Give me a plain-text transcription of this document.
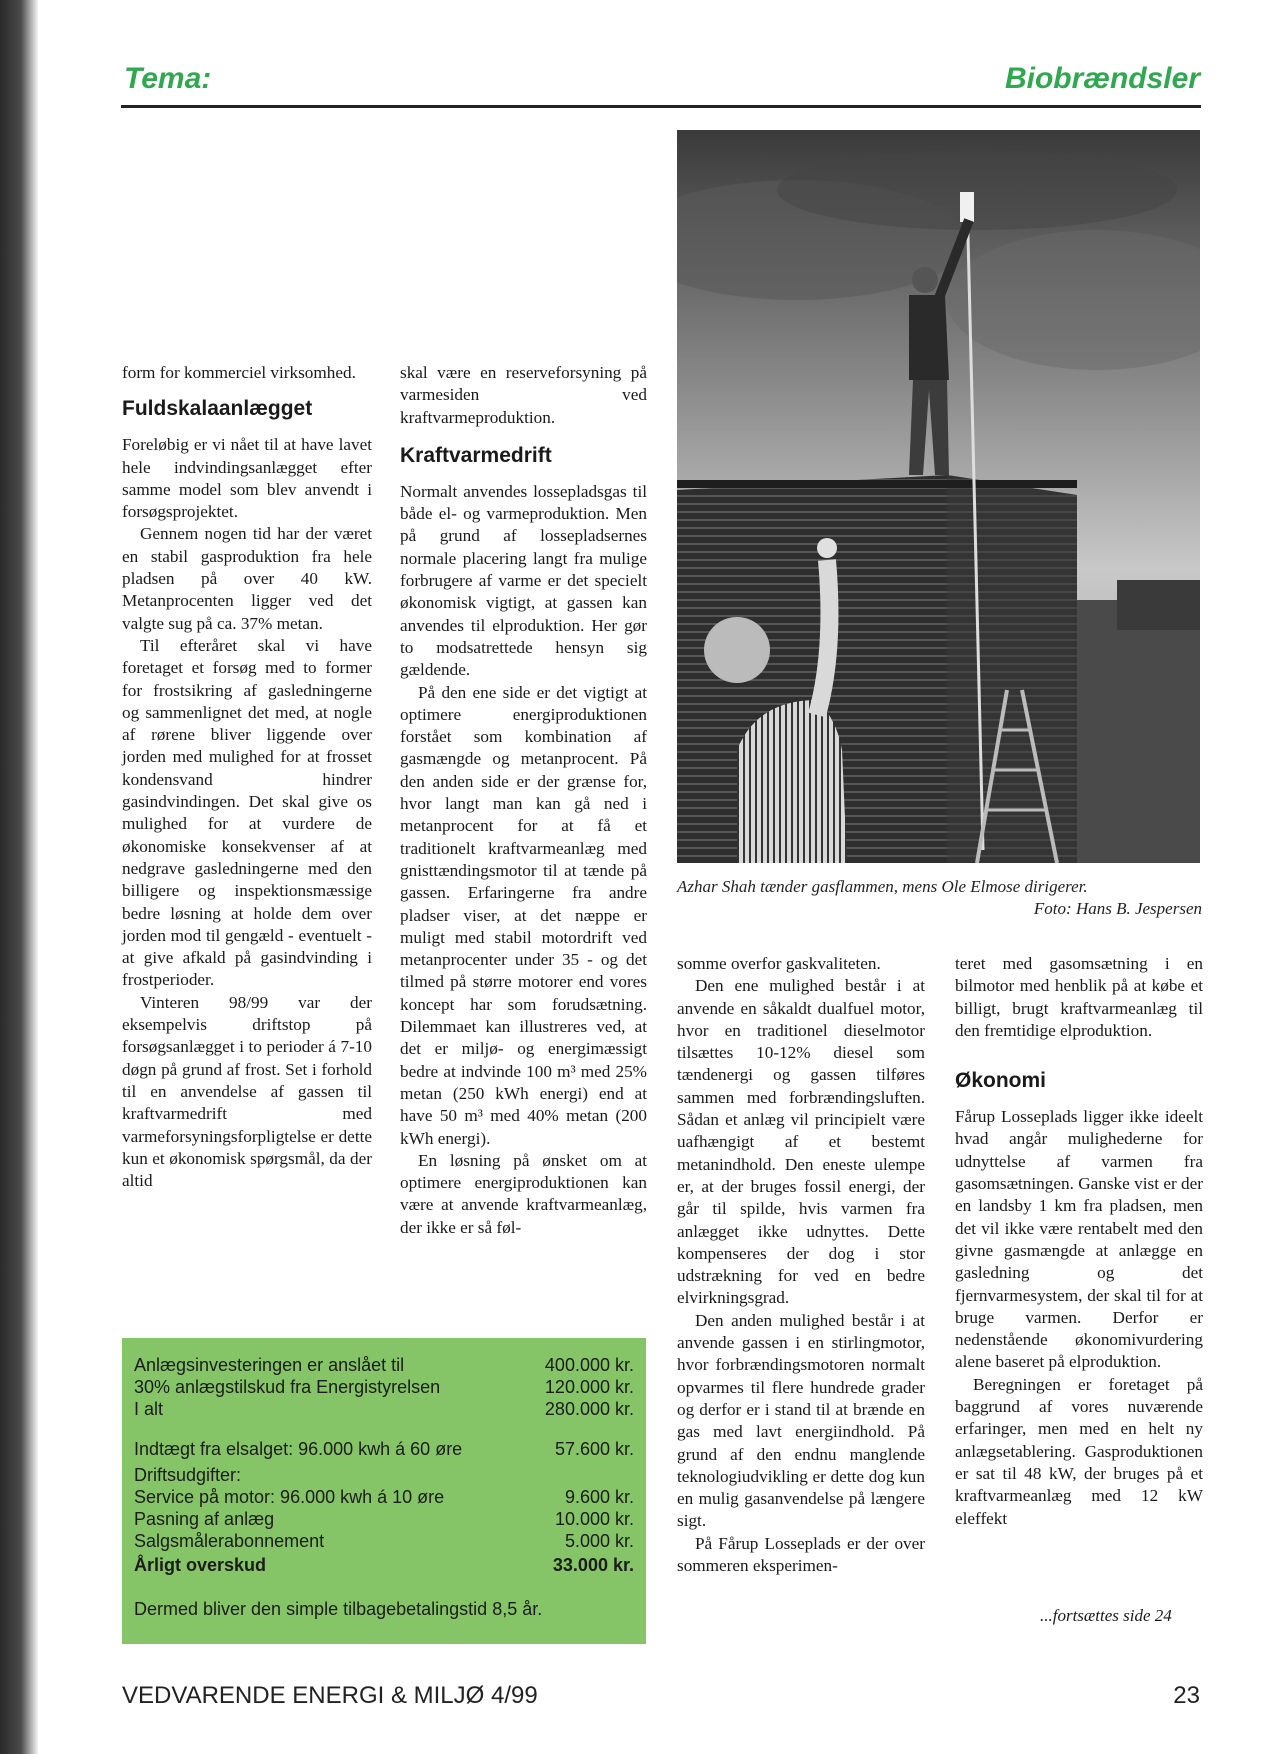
Tema:	Biobrændsler

form for kommerciel virksomhed.

Fuldskalaanlægget

Foreløbig er vi nået til at have lavet hele indvindingsanlægget efter samme model som blev anvendt i forsøgsprojektet.

Gennem nogen tid har der været en stabil gasproduktion fra hele pladsen på over 40 kW. Metanprocenten ligger ved det valgte sug på ca. 37% metan.

Til efteråret skal vi have foretaget et forsøg med to former for frostsikring af gasledningerne og sammenlignet det med, at nogle af rørene bliver liggende over jorden med mulighed for at frosset kondensvand hindrer gasindvindingen. Det skal give os mulighed for at vurdere de økonomiske konsekvenser af at nedgrave gasledningerne med den billigere og inspektionsmæssige bedre løsning at holde dem over jorden mod til gengæld - eventuelt - at give afkald på gasindvinding i frostperioder.

Vinteren 98/99 var der eksempelvis driftstop på forsøgsanlægget i to perioder á 7-10 døgn på grund af frost. Set i forhold til en anvendelse af gassen til kraftvarmedrift med varmeforsyningsforpligtelse er dette kun et økonomisk spørgsmål, da der altid

skal være en reserveforsyning på varmesiden ved kraftvarmeproduktion.

Kraftvarmedrift

Normalt anvendes lossepladsgas til både el- og varmeproduktion. Men på grund af lossepladsernes normale placering langt fra mulige forbrugere af varme er det specielt økonomisk vigtigt, at gassen kan anvendes til elproduktion. Her gør to modsatrettede hensyn sig gældende.

På den ene side er det vigtigt at optimere energiproduktionen forstået som kombination af gasmængde og metanprocent. På den anden side er der grænse for, hvor langt man kan gå ned i metanprocent for at få et traditionelt kraftvarmeanlæg med gnisttændingsmotor til at tænde på gassen. Erfaringerne fra andre pladser viser, at det næppe er muligt med stabil motordrift ved metanprocenter under 35 - og det tilmed på større motorer end vores koncept har som forudsætning. Dilemmaet kan illustreres ved, at det er miljø- og energimæssigt bedre at indvinde 100 m³ med 25% metan (250 kWh energi) end at have 50 m³ med 40% metan (200 kWh energi).

En løsning på ønsket om at optimere energiproduktionen kan være at anvende kraftvarmeanlæg, der ikke er så føl-

Azhar Shah tænder gasflammen, mens Ole Elmose dirigerer.
Foto: Hans B. Jespersen

somme overfor gaskvaliteten.

Den ene mulighed består i at anvende en såkaldt dualfuel motor, hvor en traditionel dieselmotor tilsættes 10-12% diesel som tændenergi og gassen tilføres sammen med forbrændingsluften. Sådan et anlæg vil principielt være uafhængigt af et bestemt metanindhold. Den eneste ulempe er, at der bruges fossil energi, der går til spilde, hvis varmen fra anlægget ikke udnyttes. Dette kompenseres der dog i stor udstrækning for ved en bedre elvirkningsgrad.

Den anden mulighed består i at anvende gassen i en stirlingmotor, hvor forbrændingsmotoren normalt opvarmes til flere hundrede grader og derfor er i stand til at brænde en gas med lavt energiindhold. På grund af den endnu manglende teknologiudvikling er dette dog kun en mulig gasanvendelse på længere sigt.

På Fårup Losseplads er der over sommeren eksperimen-

teret med gasomsætning i en bilmotor med henblik på at købe et billigt, brugt kraftvarmeanlæg til den fremtidige elproduktion.

Økonomi

Fårup Losseplads ligger ikke ideelt hvad angår mulighederne for udnyttelse af varmen fra gasomsætningen. Ganske vist er der en landsby 1 km fra pladsen, men det vil ikke være rentabelt med den givne gasmængde at anlægge en gasledning og det fjernvarmesystem, der skal til for at bruge varmen. Derfor er nedenstående økonomivurdering alene baseret på elproduktion.

Beregningen er foretaget på baggrund af vores nuværende erfaringer, men med en helt ny anlægsetablering. Gasproduktionen er sat til 48 kW, der bruges på et kraftvarmeanlæg med 12 kW eleffekt

...fortsættes side 24
Anlægsinvesteringen er anslået til	400.000 kr.
30% anlægstilskud fra Energistyrelsen	120.000 kr.
I alt	280.000 kr.
Indtægt fra elsalget: 96.000 kwh á 60 øre	57.600 kr.
Driftsudgifter:
Service på motor: 96.000 kwh á 10 øre	9.600 kr.
Pasning af anlæg	10.000 kr.
Salgsmålerabonnement	5.000 kr.
Årligt overskud	33.000 kr.
Dermed bliver den simple tilbagebetalingstid 8,5 år.
VEDVARENDE ENERGI & MILJØ 4/99	23
